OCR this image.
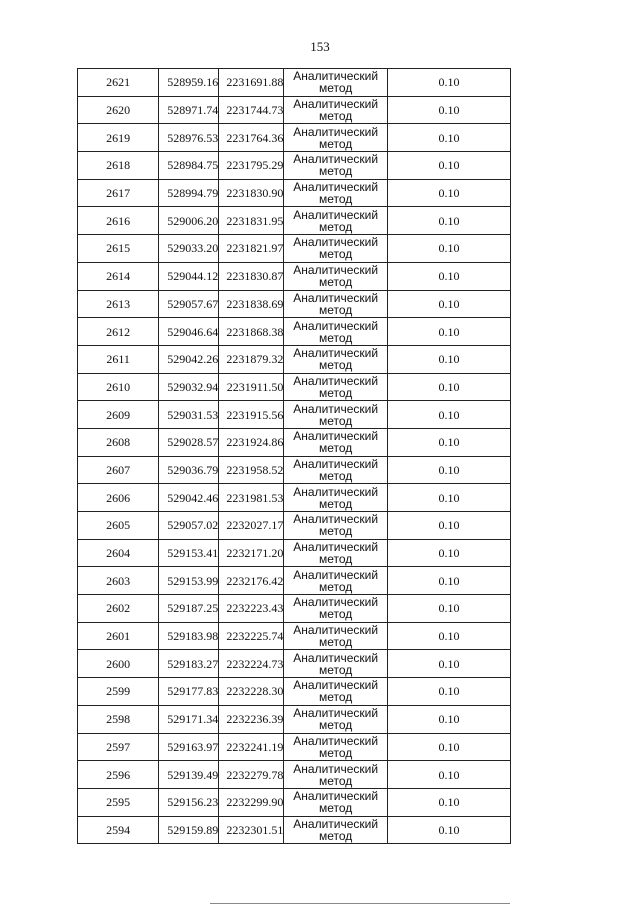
153
2621	528959.16	2231691.88	Аналитический метод	0.10
2620	528971.74	2231744.73	Аналитический метод	0.10
2619	528976.53	2231764.36	Аналитический метод	0.10
2618	528984.75	2231795.29	Аналитический метод	0.10
2617	528994.79	2231830.90	Аналитический метод	0.10
2616	529006.20	2231831.95	Аналитический метод	0.10
2615	529033.20	2231821.97	Аналитический метод	0.10
2614	529044.12	2231830.87	Аналитический метод	0.10
2613	529057.67	2231838.69	Аналитический метод	0.10
2612	529046.64	2231868.38	Аналитический метод	0.10
2611	529042.26	2231879.32	Аналитический метод	0.10
2610	529032.94	2231911.50	Аналитический метод	0.10
2609	529031.53	2231915.56	Аналитический метод	0.10
2608	529028.57	2231924.86	Аналитический метод	0.10
2607	529036.79	2231958.52	Аналитический метод	0.10
2606	529042.46	2231981.53	Аналитический метод	0.10
2605	529057.02	2232027.17	Аналитический метод	0.10
2604	529153.41	2232171.20	Аналитический метод	0.10
2603	529153.99	2232176.42	Аналитический метод	0.10
2602	529187.25	2232223.43	Аналитический метод	0.10
2601	529183.98	2232225.74	Аналитический метод	0.10
2600	529183.27	2232224.73	Аналитический метод	0.10
2599	529177.83	2232228.30	Аналитический метод	0.10
2598	529171.34	2232236.39	Аналитический метод	0.10
2597	529163.97	2232241.19	Аналитический метод	0.10
2596	529139.49	2232279.78	Аналитический метод	0.10
2595	529156.23	2232299.90	Аналитический метод	0.10
2594	529159.89	2232301.51	Аналитический метод	0.10
